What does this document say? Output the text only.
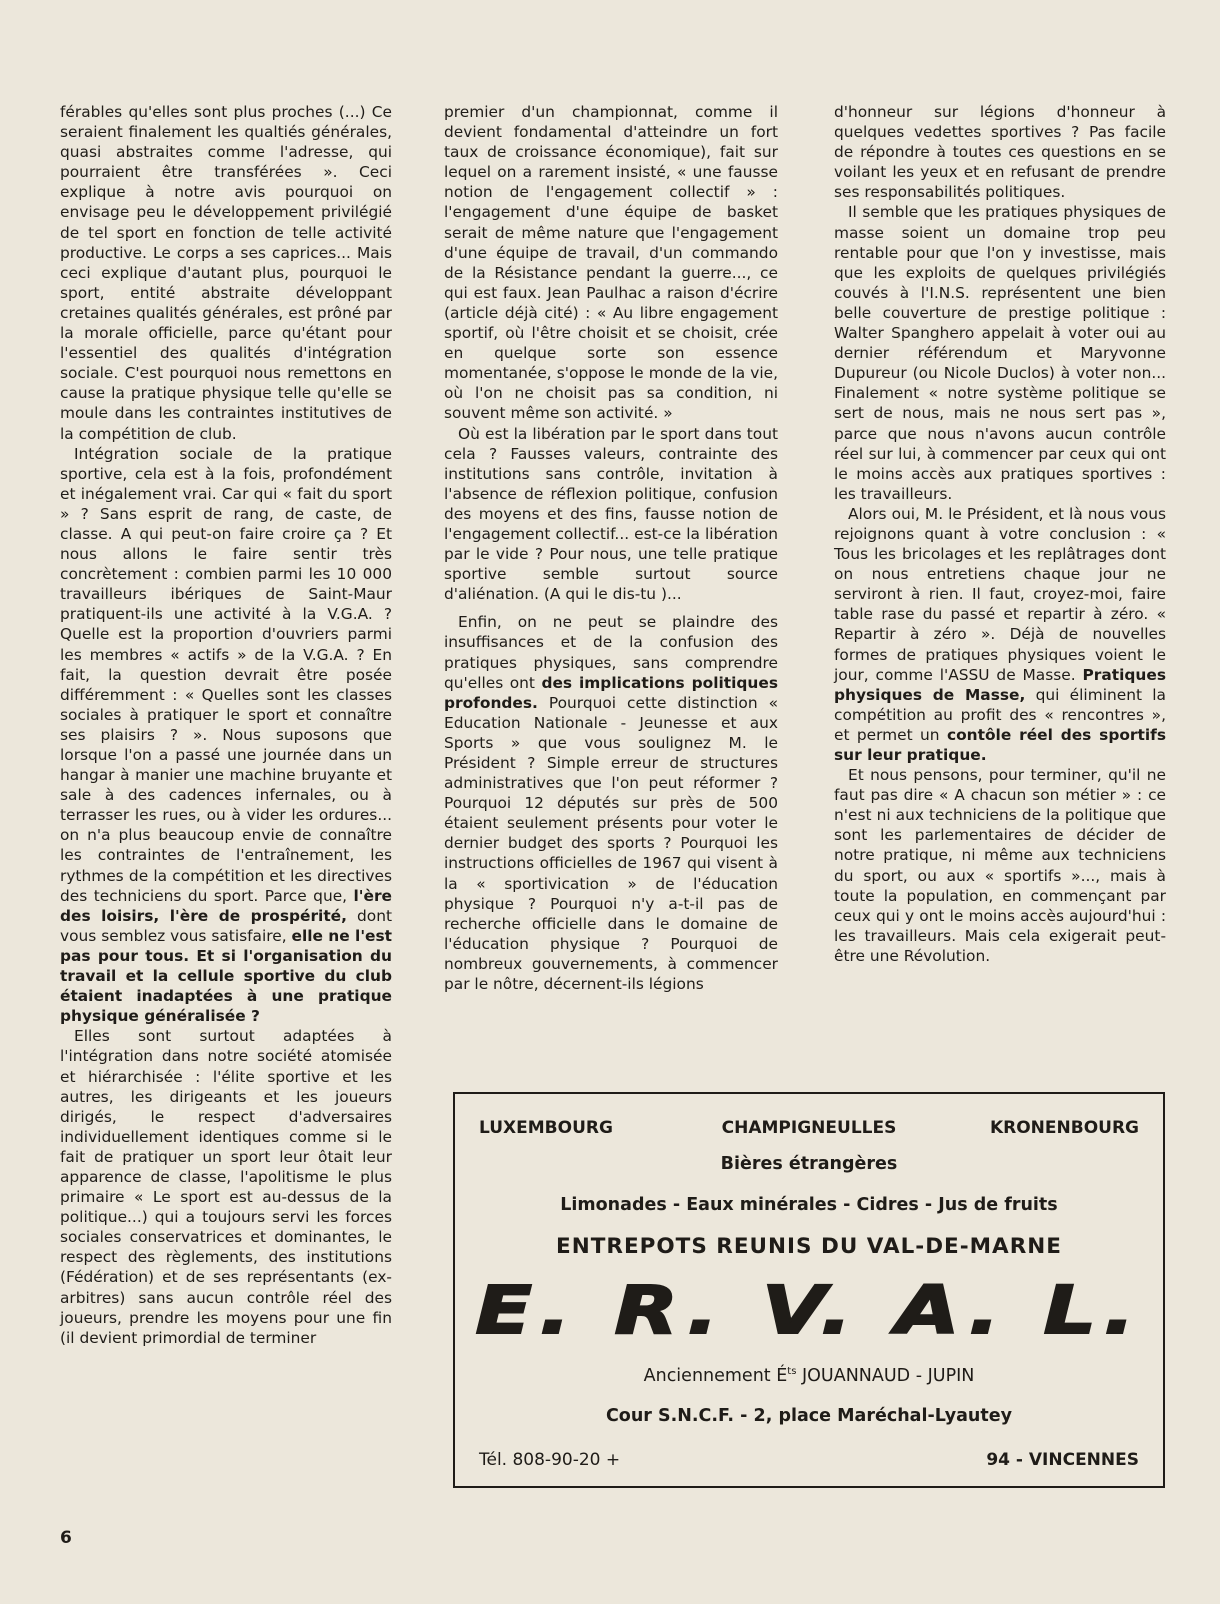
férables qu'elles sont plus proches (...) Ce seraient finalement les qualtiés générales, quasi abstraites comme l'adresse, qui pourraient être transférées ». Ceci explique à notre avis pourquoi on envisage peu le développement privilégié de tel sport en fonction de telle activité productive. Le corps a ses caprices... Mais ceci explique d'autant plus, pourquoi le sport, entité abstraite développant cretaines qualités générales, est prôné par la morale officielle, parce qu'étant pour l'essentiel des qualités d'intégration sociale. C'est pourquoi nous remettons en cause la pratique physique telle qu'elle se moule dans les contraintes institutives de la compétition de club.

Intégration sociale de la pratique sportive, cela est à la fois, profondément et inégalement vrai. Car qui « fait du sport » ? Sans esprit de rang, de caste, de classe. A qui peut-on faire croire ça ? Et nous allons le faire sentir très concrètement : combien parmi les 10 000 travailleurs ibériques de Saint-Maur pratiquent-ils une activité à la V.G.A. ? Quelle est la proportion d'ouvriers parmi les membres « actifs » de la V.G.A. ? En fait, la question devrait être posée différemment : « Quelles sont les classes sociales à pratiquer le sport et connaître ses plaisirs ? ». Nous suposons que lorsque l'on a passé une journée dans un hangar à manier une machine bruyante et sale à des cadences infernales, ou à terrasser les rues, ou à vider les ordures... on n'a plus beaucoup envie de connaître les contraintes de l'entraînement, les rythmes de la compétition et les directives des techniciens du sport. Parce que, l'ère des loisirs, l'ère de prospérité, dont vous semblez vous satisfaire, elle ne l'est pas pour tous. Et si l'organisation du travail et la cellule sportive du club étaient inadaptées à une pratique physique généralisée ?

Elles sont surtout adaptées à l'intégration dans notre société atomisée et hiérarchisée : l'élite sportive et les autres, les dirigeants et les joueurs dirigés, le respect d'adversaires individuellement identiques comme si le fait de pratiquer un sport leur ôtait leur apparence de classe, l'apolitisme le plus primaire « Le sport est au-dessus de la politique...) qui a toujours servi les forces sociales conservatrices et dominantes, le respect des règlements, des institutions (Fédération) et de ses représentants (ex-arbitres) sans aucun contrôle réel des joueurs, prendre les moyens pour une fin (il devient primordial de terminer

premier d'un championnat, comme il devient fondamental d'atteindre un fort taux de croissance économique), fait sur lequel on a rarement insisté, « une fausse notion de l'engagement collectif » : l'engagement d'une équipe de basket serait de même nature que l'engagement d'une équipe de travail, d'un commando de la Résistance pendant la guerre..., ce qui est faux. Jean Paulhac a raison d'écrire (article déjà cité) : « Au libre engagement sportif, où l'être choisit et se choisit, crée en quelque sorte son essence momentanée, s'oppose le monde de la vie, où l'on ne choisit pas sa condition, ni souvent même son activité. »

Où est la libération par le sport dans tout cela ? Fausses valeurs, contrainte des institutions sans contrôle, invitation à l'absence de réflexion politique, confusion des moyens et des fins, fausse notion de l'engagement collectif... est-ce la libération par le vide ? Pour nous, une telle pratique sportive semble surtout source d'aliénation. (A qui le dis-tu )...

Enfin, on ne peut se plaindre des insuffisances et de la confusion des pratiques physiques, sans comprendre qu'elles ont des implications politiques profondes. Pourquoi cette distinction « Education Nationale - Jeunesse et aux Sports » que vous soulignez M. le Président ? Simple erreur de structures administratives que l'on peut réformer ? Pourquoi 12 députés sur près de 500 étaient seulement présents pour voter le dernier budget des sports ? Pourquoi les instructions officielles de 1967 qui visent à la « sportivication » de l'éducation physique ? Pourquoi n'y a-t-il pas de recherche officielle dans le domaine de l'éducation physique ? Pourquoi de nombreux gouvernements, à commencer par le nôtre, décernent-ils légions

d'honneur sur légions d'honneur à quelques vedettes sportives ? Pas facile de répondre à toutes ces questions en se voilant les yeux et en refusant de prendre ses responsabilités politiques.

Il semble que les pratiques physiques de masse soient un domaine trop peu rentable pour que l'on y investisse, mais que les exploits de quelques privilégiés couvés à l'I.N.S. représentent une bien belle couverture de prestige politique : Walter Spanghero appelait à voter oui au dernier référendum et Maryvonne Dupureur (ou Nicole Duclos) à voter non... Finalement « notre système politique se sert de nous, mais ne nous sert pas », parce que nous n'avons aucun contrôle réel sur lui, à commencer par ceux qui ont le moins accès aux pratiques sportives : les travailleurs.

Alors oui, M. le Président, et là nous vous rejoignons quant à votre conclusion : « Tous les bricolages et les replâtrages dont on nous entretiens chaque jour ne serviront à rien. Il faut, croyez-moi, faire table rase du passé et repartir à zéro. « Repartir à zéro ». Déjà de nouvelles formes de pratiques physiques voient le jour, comme l'ASSU de Masse. Pratiques physiques de Masse, qui éliminent la compétition au profit des « rencontres », et permet un contôle réel des sportifs sur leur pratique.

Et nous pensons, pour terminer, qu'il ne faut pas dire « A chacun son métier » : ce n'est ni aux techniciens de la politique que sont les parlementaires de décider de notre pratique, ni même aux techniciens du sport, ou aux « sportifs »..., mais à toute la population, en commençant par ceux qui y ont le moins accès aujourd'hui : les travailleurs. Mais cela exigerait peut-être une Révolution.

LUXEMBOURG	CHAMPIGNEULLES	KRONENBOURG
Bières étrangères
Limonades - Eaux minérales - Cidres - Jus de fruits
ENTREPOTS REUNIS DU VAL-DE-MARNE
E. R. V. A. L.
Anciennement $É^{ts}$ JOUANNAUD - JUPIN
Cour S.N.C.F. - 2, place Maréchal-Lyautey
Tél. 808-90-20 +	94 - VINCENNES
6
